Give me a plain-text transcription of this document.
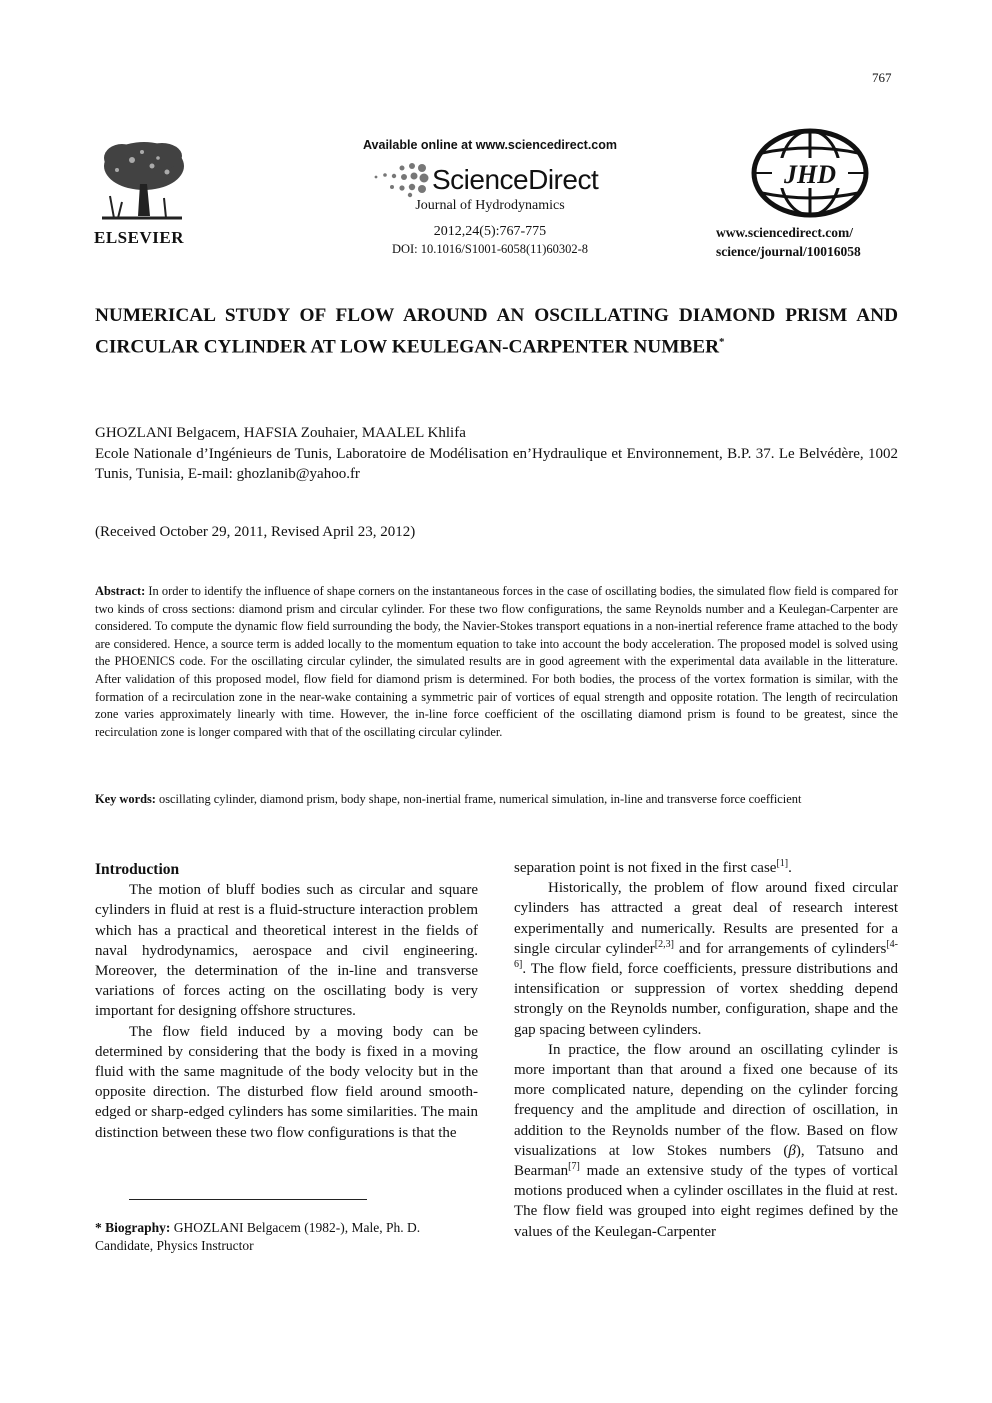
767
ELSEVIER
Available online at www.sciencedirect.com
ScienceDirect
Journal of Hydrodynamics
2012,24(5):767-775
DOI: 10.1016/S1001-6058(11)60302-8
JHD
www.sciencedirect.com/
science/journal/10016058
NUMERICAL STUDY OF FLOW AROUND AN OSCILLATING DIAMOND PRISM AND CIRCULAR CYLINDER AT LOW KEULEGAN-CARPENTER NUMBER*
GHOZLANI Belgacem, HAFSIA Zouhaier, MAALEL Khlifa
Ecole Nationale d’Ingénieurs de Tunis, Laboratoire de Modélisation en’Hydraulique et Environnement, B.P. 37. Le Belvédère, 1002 Tunis, Tunisia, E-mail: ghozlanib@yahoo.fr
(Received October 29, 2011, Revised April 23, 2012)
Abstract: In order to identify the influence of shape corners on the instantaneous forces in the case of oscillating bodies, the simulated flow field is compared for two kinds of cross sections: diamond prism and circular cylinder. For these two flow configurations, the same Reynolds number and a Keulegan-Carpenter are considered. To compute the dynamic flow field surrounding the body, the Navier-Stokes transport equations in a non-inertial reference frame attached to the body are considered. Hence, a source term is added locally to the momentum equation to take into account the body acceleration. The proposed model is solved using the PHOENICS code. For the oscillating circular cylinder, the simulated results are in good agreement with the experimental data available in the litterature. After validation of this proposed model, flow field for diamond prism is determined. For both bodies, the process of the vortex formation is similar, with the formation of a recirculation zone in the near-wake containing a symmetric pair of vortices of equal strength and opposite rotation. The length of recirculation zone varies approximately linearly with time. However, the in-line force coefficient of the oscillating diamond prism is found to be greatest, since the recirculation zone is longer compared with that of the oscillating circular cylinder.
Key words: oscillating cylinder, diamond prism, body shape, non-inertial frame, numerical simulation, in-line and transverse force coefficient

Introduction

The motion of bluff bodies such as circular and square cylinders in fluid at rest is a fluid-structure interaction problem which has a practical and theoretical interest in the fields of naval hydrodynamics, aerospace and civil engineering. Moreover, the determination of the in-line and transverse variations of forces acting on the oscillating body is very important for designing offshore structures.

The flow field induced by a moving body can be determined by considering that the body is fixed in a moving fluid with the same magnitude of the body velocity but in the opposite direction. The disturbed flow field around smooth-edged or sharp-edged cylinders has some similarities. The main distinction between these two flow configurations is that the

* Biography: GHOZLANI Belgacem (1982-), Male, Ph. D. Candidate, Physics Instructor

separation point is not fixed in the first case[1].

Historically, the problem of flow around fixed circular cylinders has attracted a great deal of research interest experimentally and numerically. Results are presented for a single circular cylinder[2,3] and for arrangements of cylinders[4-6]. The flow field, force coefficients, pressure distributions and intensification or suppression of vortex shedding depend strongly on the Reynolds number, configuration, shape and the gap spacing between cylinders.

In practice, the flow around an oscillating cylinder is more important than that around a fixed one because of its more complicated nature, depending on the cylinder forcing frequency and the amplitude and direction of oscillation, in addition to the Reynolds number of the flow. Based on flow visualizations at low Stokes numbers (β), Tatsuno and Bearman[7] made an extensive study of the types of vortical motions produced when a cylinder oscillates in the fluid at rest. The flow field was grouped into eight regimes defined by the values of the Keulegan-Carpenter
